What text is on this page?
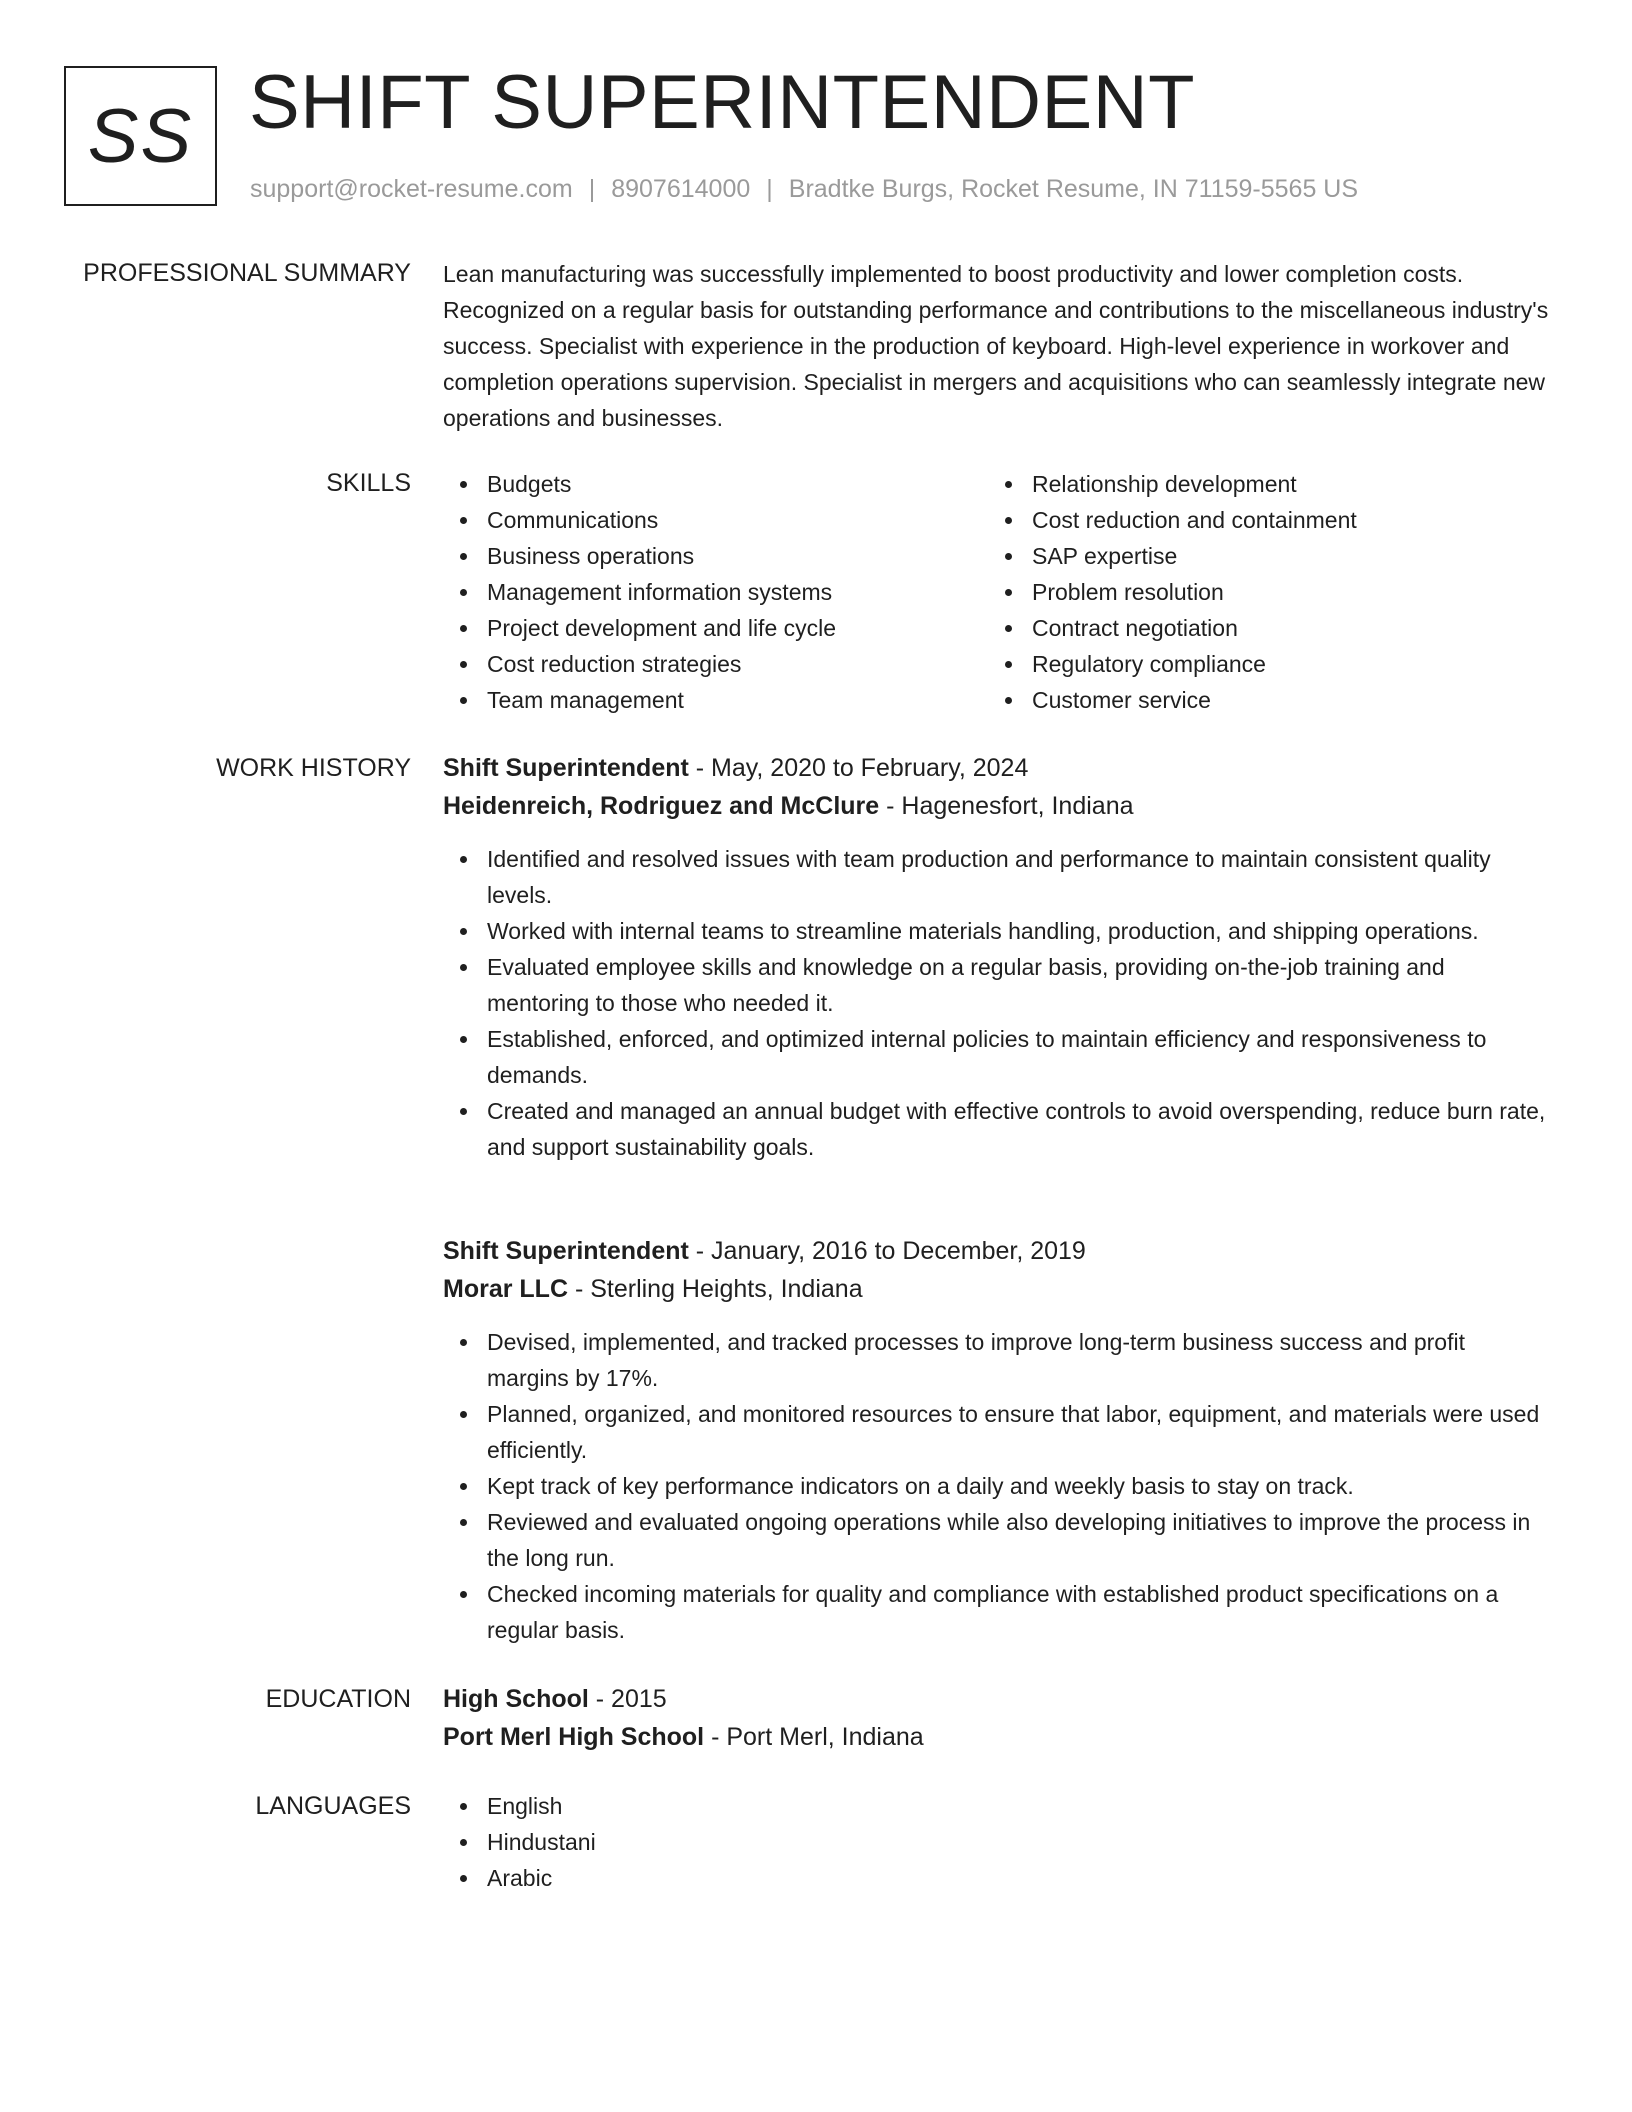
SS SHIFT SUPERINTENDENT
support@rocket-resume.com | 8907614000 | Bradtke Burgs, Rocket Resume, IN 71159-5565 US
PROFESSIONAL SUMMARY Lean manufacturing was successfully implemented to boost productivity and lower completion costs. Recognized on a regular basis for outstanding performance and contributions to the miscellaneous industry's success. Specialist with experience in the production of keyboard. High-level experience in workover and completion operations supervision. Specialist in mergers and acquisitions who can seamlessly integrate new operations and businesses.

SKILLS	Budgets
Communications
Business operations
Management information systems
Project development and life cycle
Cost reduction strategies
Team management
Relationship development
Cost reduction and containment
SAP expertise
Problem resolution
Contract negotiation
Regulatory compliance
Customer service
WORK HISTORY Shift Superintendent - May, 2020 to February, 2024
Heidenreich, Rodriguez and McClure - Hagenesfort, Indiana
Identified and resolved issues with team production and performance to maintain consistent quality levels.
Worked with internal teams to streamline materials handling, production, and shipping operations.
Evaluated employee skills and knowledge on a regular basis, providing on-the-job training and mentoring to those who needed it.
Established, enforced, and optimized internal policies to maintain efficiency and responsiveness to demands.
Created and managed an annual budget with effective controls to avoid overspending, reduce burn rate, and support sustainability goals.
Shift Superintendent - January, 2016 to December, 2019
Morar LLC - Sterling Heights, Indiana
Devised, implemented, and tracked processes to improve long-term business success and profit margins by 17%.
Planned, organized, and monitored resources to ensure that labor, equipment, and materials were used efficiently.
Kept track of key performance indicators on a daily and weekly basis to stay on track.
Reviewed and evaluated ongoing operations while also developing initiatives to improve the process in the long run.
Checked incoming materials for quality and compliance with established product specifications on a regular basis.
EDUCATION High School - 2015
Port Merl High School - Port Merl, Indiana
LANGUAGES	English
Hindustani
Arabic
